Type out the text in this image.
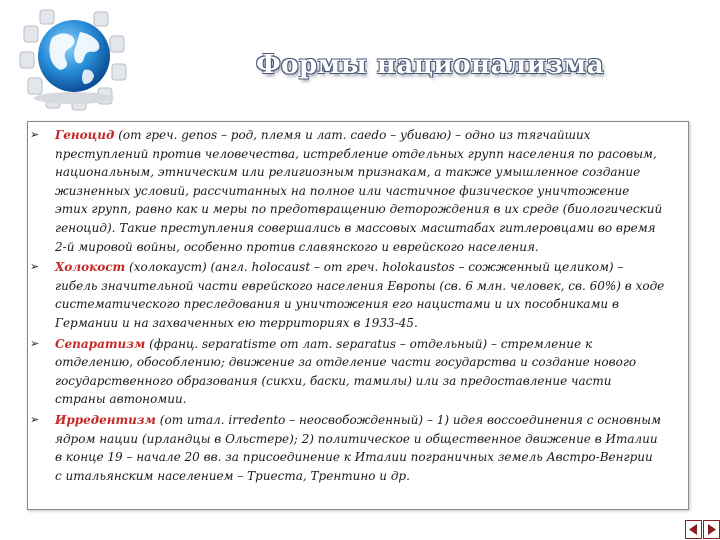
Формы национализма
➢ Геноцид (от греч. genos – род, племя и лат. caedo – убиваю) – одно из тягчайших
преступлений против человечества, истребление отдельных групп населения по расовым,
национальным, этническим или религиозным признакам, а также умышленное создание
жизненных условий, рассчитанных на полное или частичное физическое уничтожение
этих групп, равно как и меры по предотвращению деторождения в их среде (биологический
геноцид). Такие преступления совершались в массовых масштабах гитлеровцами во время
2-й мировой войны, особенно против славянского и еврейского населения.
➢ Холокост (холокауст) (англ. holocaust – от греч. holokaustos – сожженный целиком) –
гибель значительной части еврейского населения Европы (св. 6 млн. человек, св. 60%) в ходе
систематического преследования и уничтожения его нацистами и их пособниками в
Германии и на захваченных ею территориях в 1933-45.
➢ Сепаратизм (франц. separatisme от лат. separatus – отдельный) – стремление к
отделению, обособлению; движение за отделение части государства и создание нового
государственного образования (сикхи, баски, тамилы) или за предоставление части
страны автономии.
➢ Ирредентизм (от итал. irredento – неосвобожденный) – 1) идея воссоединения с основным
ядром нации (ирландцы в Ольстере); 2) политическое и общественное движение в Италии
в конце 19 – начале 20 вв. за присоединение к Италии пограничных земель Австро-Венгрии
с итальянским населением – Триеста, Трентино и др.
